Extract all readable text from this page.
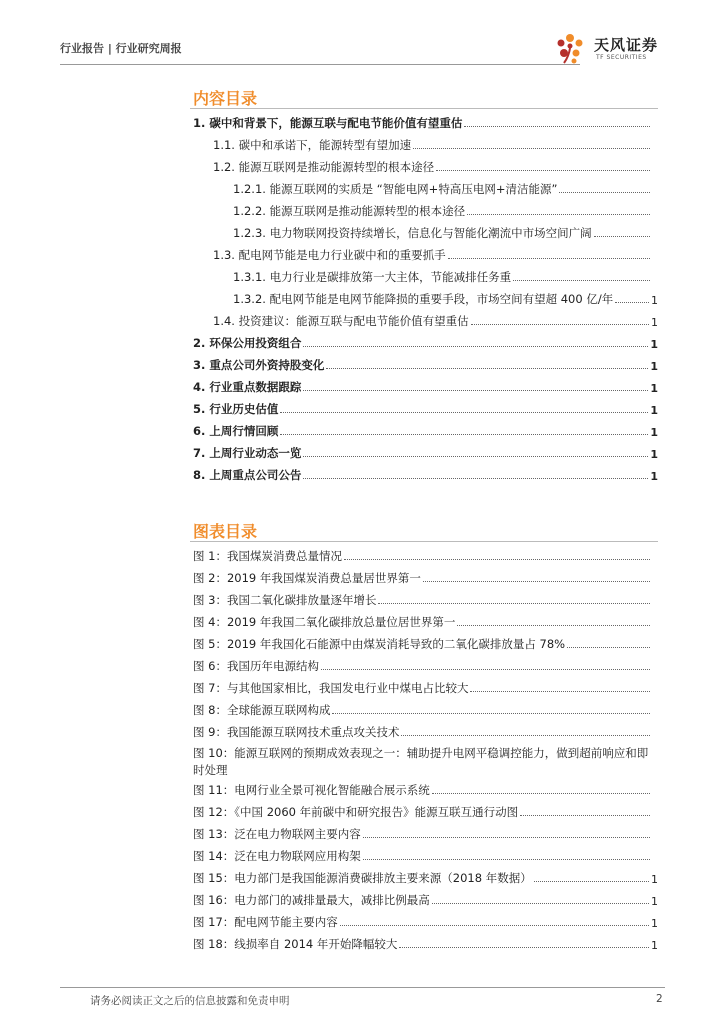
行业报告 | 行业研究周报	天风证券
TF SECURITIES
内容目录
1. 碳中和背景下，能源互联与配电节能价值有望重估
1.1. 碳中和承诺下，能源转型有望加速
1.2. 能源互联网是推动能源转型的根本途径
1.2.1. 能源互联网的实质是 “智能电网+特高压电网+清洁能源”
1.2.2. 能源互联网是推动能源转型的根本途径
1.2.3. 电力物联网投资持续增长，信息化与智能化潮流中市场空间广阔
1.3. 配电网节能是电力行业碳中和的重要抓手
1.3.1. 电力行业是碳排放第一大主体，节能减排任务重
1.3.2. 配电网节能是电网节能降损的重要手段，市场空间有望超 400 亿/年	1
1.4. 投资建议：能源互联与配电节能价值有望重估	1
2. 环保公用投资组合	1
3. 重点公司外资持股变化	1
4. 行业重点数据跟踪	1
5. 行业历史估值	1
6. 上周行情回顾	1
7. 上周行业动态一览	1
8. 上周重点公司公告	1
图表目录
图 1：我国煤炭消费总量情况
图 2：2019 年我国煤炭消费总量居世界第一
图 3：我国二氧化碳排放量逐年增长
图 4：2019 年我国二氧化碳排放总量位居世界第一
图 5：2019 年我国化石能源中由煤炭消耗导致的二氧化碳排放量占 78%
图 6：我国历年电源结构
图 7：与其他国家相比，我国发电行业中煤电占比较大
图 8：全球能源互联网构成
图 9：我国能源互联网技术重点攻关技术
图 10：能源互联网的预期成效表现之一：辅助提升电网平稳调控能力，做到超前响应和即时处理
图 11：电网行业全景可视化智能融合展示系统
图 12：《中国 2060 年前碳中和研究报告》能源互联互通行动图
图 13：泛在电力物联网主要内容
图 14：泛在电力物联网应用构架
图 15：电力部门是我国能源消费碳排放主要来源（2018 年数据）	1
图 16：电力部门的减排量最大，减排比例最高	1
图 17：配电网节能主要内容	1
图 18：线损率自 2014 年开始降幅较大	1
请务必阅读正文之后的信息披露和免责申明	2
